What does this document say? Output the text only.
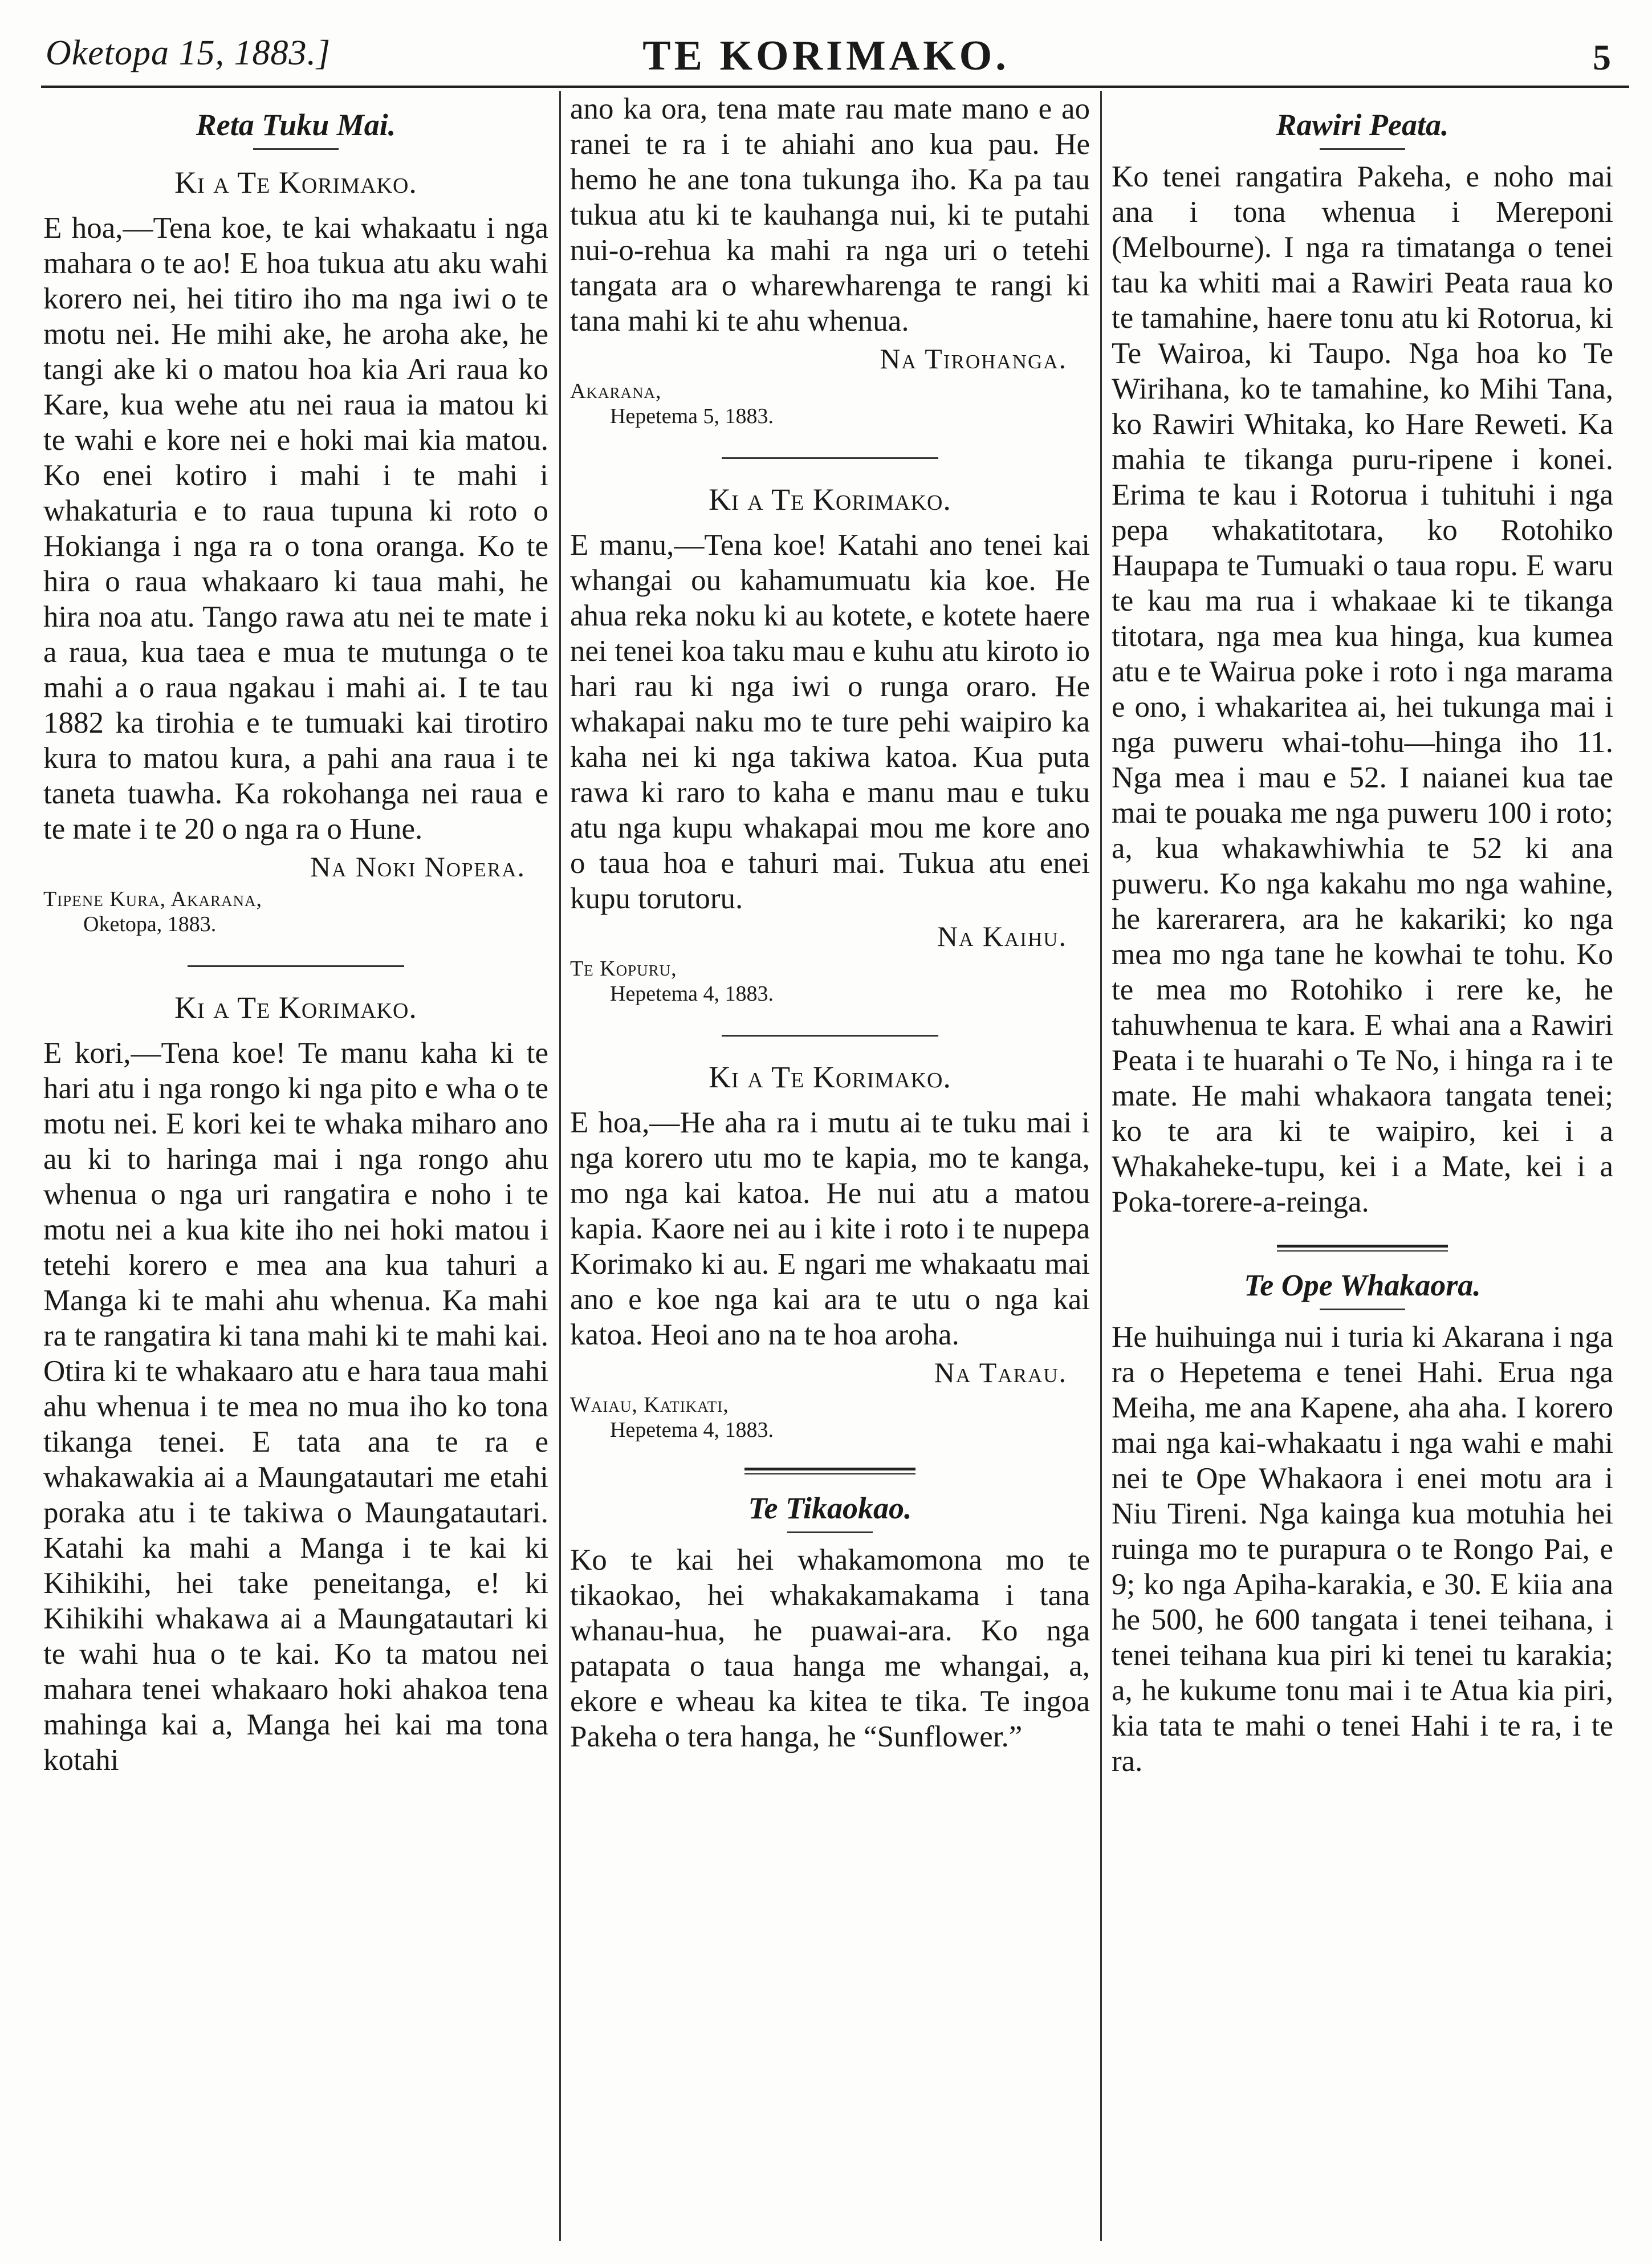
Oketopa 15, 1883.]	TE KORIMAKO.	5
Reta Tuku Mai.
Ki a Te Korimako.

E hoa,—Tena koe, te kai whakaatu i nga mahara o te ao! E hoa tukua atu aku wahi korero nei, hei titiro iho ma nga iwi o te motu nei. He mihi ake, he aroha ake, he tangi ake ki o matou hoa kia Ari raua ko Kare, kua wehe atu nei raua ia matou ki te wahi e kore nei e hoki mai kia matou. Ko enei kotiro i mahi i te mahi i whakaturia e to raua tupuna ki roto o Hokianga i nga ra o tona oranga. Ko te hira o raua whakaaro ki taua mahi, he hira noa atu. Tango rawa atu nei te mate i a raua, kua taea e mua te mutunga o te mahi a o raua ngakau i mahi ai. I te tau 1882 ka tirohia e te tumuaki kai tirotiro kura to matou kura, a pahi ana raua i te taneta tuawha. Ka rokohanga nei raua e te mate i te 20 o nga ra o Hune.

Na Noki Nopera.
Tipene Kura, Akarana,
Oketopa, 1883.
Ki a Te Korimako.

E kori,—Tena koe! Te manu kaha ki te hari atu i nga rongo ki nga pito e wha o te motu nei. E kori kei te whaka miharo ano au ki to haringa mai i nga rongo ahu whenua o nga uri rangatira e noho i te motu nei a kua kite iho nei hoki matou i tetehi korero e mea ana kua tahuri a Manga ki te mahi ahu whenua. Ka mahi ra te rangatira ki tana mahi ki te mahi kai. Otira ki te whakaaro atu e hara taua mahi ahu whenua i te mea no mua iho ko tona tikanga tenei. E tata ana te ra e whakawakia ai a Maungatautari me etahi poraka atu i te takiwa o Maungatautari. Katahi ka mahi a Manga i te kai ki Kihikihi, hei take peneitanga, e! ki Kihikihi whakawa ai a Maungatautari ki te wahi hua o te kai. Ko ta matou nei mahara tenei whakaaro hoki ahakoa tena mahinga kai a, Manga hei kai ma tona kotahi

ano ka ora, tena mate rau mate mano e ao ranei te ra i te ahiahi ano kua pau. He hemo he ane tona tukunga iho. Ka pa tau tukua atu ki te kauhanga nui, ki te putahi nui-o-rehua ka mahi ra nga uri o tetehi tangata ara o wharewharenga te rangi ki tana mahi ki te ahu whenua.

Na Tirohanga.
Akarana,
Hepetema 5, 1883.
Ki a Te Korimako.

E manu,—Tena koe! Katahi ano tenei kai whangai ou kahamumuatu kia koe. He ahua reka noku ki au kotete, e kotete haere nei tenei koa taku mau e kuhu atu kiroto io hari rau ki nga iwi o runga oraro. He whakapai naku mo te ture pehi waipiro ka kaha nei ki nga takiwa katoa. Kua puta rawa ki raro to kaha e manu mau e tuku atu nga kupu whakapai mou me kore ano o taua hoa e tahuri mai. Tukua atu enei kupu torutoru.

Na Kaihu.
Te Kopuru,
Hepetema 4, 1883.
Ki a Te Korimako.

E hoa,—He aha ra i mutu ai te tuku mai i nga korero utu mo te kapia, mo te kanga, mo nga kai katoa. He nui atu a matou kapia. Kaore nei au i kite i roto i te nupepa Korimako ki au. E ngari me whakaatu mai ano e koe nga kai ara te utu o nga kai katoa. Heoi ano na te hoa aroha.

Na Tarau.
Waiau, Katikati,
Hepetema 4, 1883.
Te Tikaokao.

Ko te kai hei whakamomona mo te tikaokao, hei whakakamakama i tana whanau-hua, he puawai-ara. Ko nga patapata o taua hanga me whangai, a, ekore e wheau ka kitea te tika. Te ingoa Pakeha o tera hanga, he “Sunflower.”

Rawiri Peata.

Ko tenei rangatira Pakeha, e noho mai ana i tona whenua i Mereponi (Melbourne). I nga ra timatanga o tenei tau ka whiti mai a Rawiri Peata raua ko te tamahine, haere tonu atu ki Rotorua, ki Te Wairoa, ki Taupo. Nga hoa ko Te Wirihana, ko te tamahine, ko Mihi Tana, ko Rawiri Whitaka, ko Hare Reweti. Ka mahia te tikanga puru-ripene i konei. Erima te kau i Rotorua i tuhituhi i nga pepa whakatitotara, ko Rotohiko Haupapa te Tumuaki o taua ropu. E waru te kau ma rua i whakaae ki te tikanga titotara, nga mea kua hinga, kua kumea atu e te Wairua poke i roto i nga marama e ono, i whakaritea ai, hei tukunga mai i nga puweru whai-tohu—hinga iho 11. Nga mea i mau e 52. I naianei kua tae mai te pouaka me nga puweru 100 i roto; a, kua whakawhiwhia te 52 ki ana puweru. Ko nga kakahu mo nga wahine, he karerarera, ara he kakariki; ko nga mea mo nga tane he kowhai te tohu. Ko te mea mo Rotohiko i rere ke, he tahuwhenua te kara. E whai ana a Rawiri Peata i te huarahi o Te No, i hinga ra i te mate. He mahi whakaora tangata tenei; ko te ara ki te waipiro, kei i a Whakaheke-tupu, kei i a Mate, kei i a Poka-torere-a-reinga.

Te Ope Whakaora.

He huihuinga nui i turia ki Akarana i nga ra o Hepetema e tenei Hahi. Erua nga Meiha, me ana Kapene, aha aha. I korero mai nga kai-whakaatu i nga wahi e mahi nei te Ope Whakaora i enei motu ara i Niu Tireni. Nga kainga kua motuhia hei ruinga mo te purapura o te Rongo Pai, e 9; ko nga Apiha-karakia, e 30. E kiia ana he 500, he 600 tangata i tenei teihana, i tenei teihana kua piri ki tenei tu karakia; a, he kukume tonu mai i te Atua kia piri, kia tata te mahi o tenei Hahi i te ra, i te ra.
